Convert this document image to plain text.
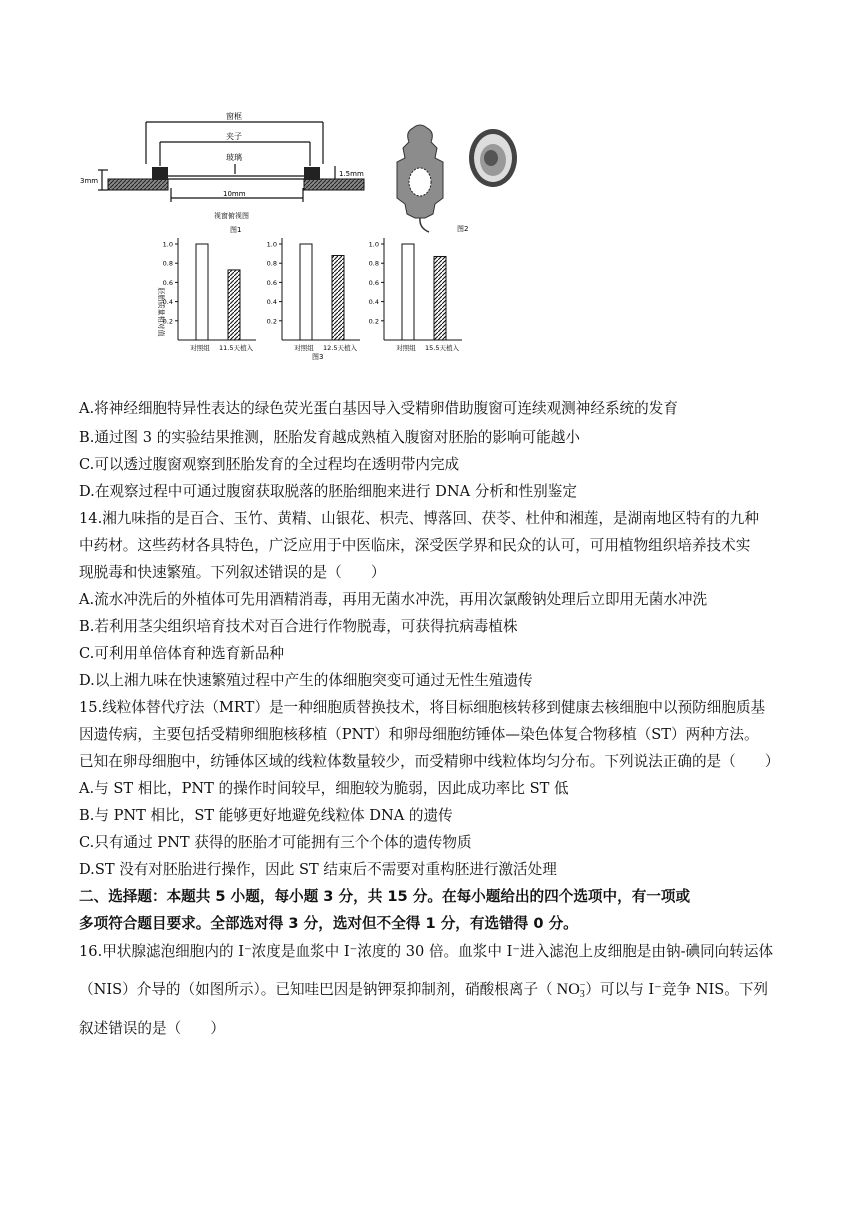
窗框
夹子
玻璃
3mm
1.5mm
10mm
视窗俯视图
图1	图2
胚胎质量相对值
0.2
0.4
0.6
0.8
1.0
对照组 11.5天植入
0.2
0.4
0.6
0.8
1.0
对照组 12.5天植入
0.2
0.4
0.6
0.8
1.0
对照组 15.5天植入
图3
A.将神经细胞特异性表达的绿色荧光蛋白基因导入受精卵借助腹窗可连续观测神经系统的发育
B.通过图 3 的实验结果推测，胚胎发育越成熟植入腹窗对胚胎的影响可能越小
C.可以透过腹窗观察到胚胎发育的全过程均在透明带内完成
D.在观察过程中可通过腹窗获取脱落的胚胎细胞来进行 DNA 分析和性别鉴定
14.湘九味指的是百合、玉竹、黄精、山银花、枳壳、博落回、茯苓、杜仲和湘莲，是湖南地区特有的九种
中药材。这些药材各具特色，广泛应用于中医临床，深受医学界和民众的认可，可用植物组织培养技术实
现脱毒和快速繁殖。下列叙述错误的是（　　）
A.流水冲洗后的外植体可先用酒精消毒，再用无菌水冲洗，再用次氯酸钠处理后立即用无菌水冲洗
B.若利用茎尖组织培育技术对百合进行作物脱毒，可获得抗病毒植株
C.可利用单倍体育种选育新品种
D.以上湘九味在快速繁殖过程中产生的体细胞突变可通过无性生殖遗传
15.线粒体替代疗法（MRT）是一种细胞质替换技术，将目标细胞核转移到健康去核细胞中以预防细胞质基
因遗传病，主要包括受精卵细胞核移植（PNT）和卵母细胞纺锤体—染色体复合物移植（ST）两种方法。
已知在卵母细胞中，纺锤体区域的线粒体数量较少，而受精卵中线粒体均匀分布。下列说法正确的是（　　）
A.与 ST 相比，PNT 的操作时间较早，细胞较为脆弱，因此成功率比 ST 低
B.与 PNT 相比，ST 能够更好地避免线粒体 DNA 的遗传
C.只有通过 PNT 获得的胚胎才可能拥有三个个体的遗传物质
D.ST 没有对胚胎进行操作，因此 ST 结束后不需要对重构胚进行激活处理
二、选择题：本题共 5 小题，每小题 3 分，共 15 分。在每小题给出的四个选项中，有一项或
多项符合题目要求。全部选对得 3 分，选对但不全得 1 分，有选错得 0 分。
16.甲状腺滤泡细胞内的 I⁻浓度是血浆中 I⁻浓度的 30 倍。血浆中 I⁻进入滤泡上皮细胞是由钠-碘同向转运体
（NIS）介导的（如图所示）。已知哇巴因是钠钾泵抑制剂，硝酸根离子（ NO −
3 ）可以与 I⁻竞争 NIS。下列
叙述错误的是（　　）
